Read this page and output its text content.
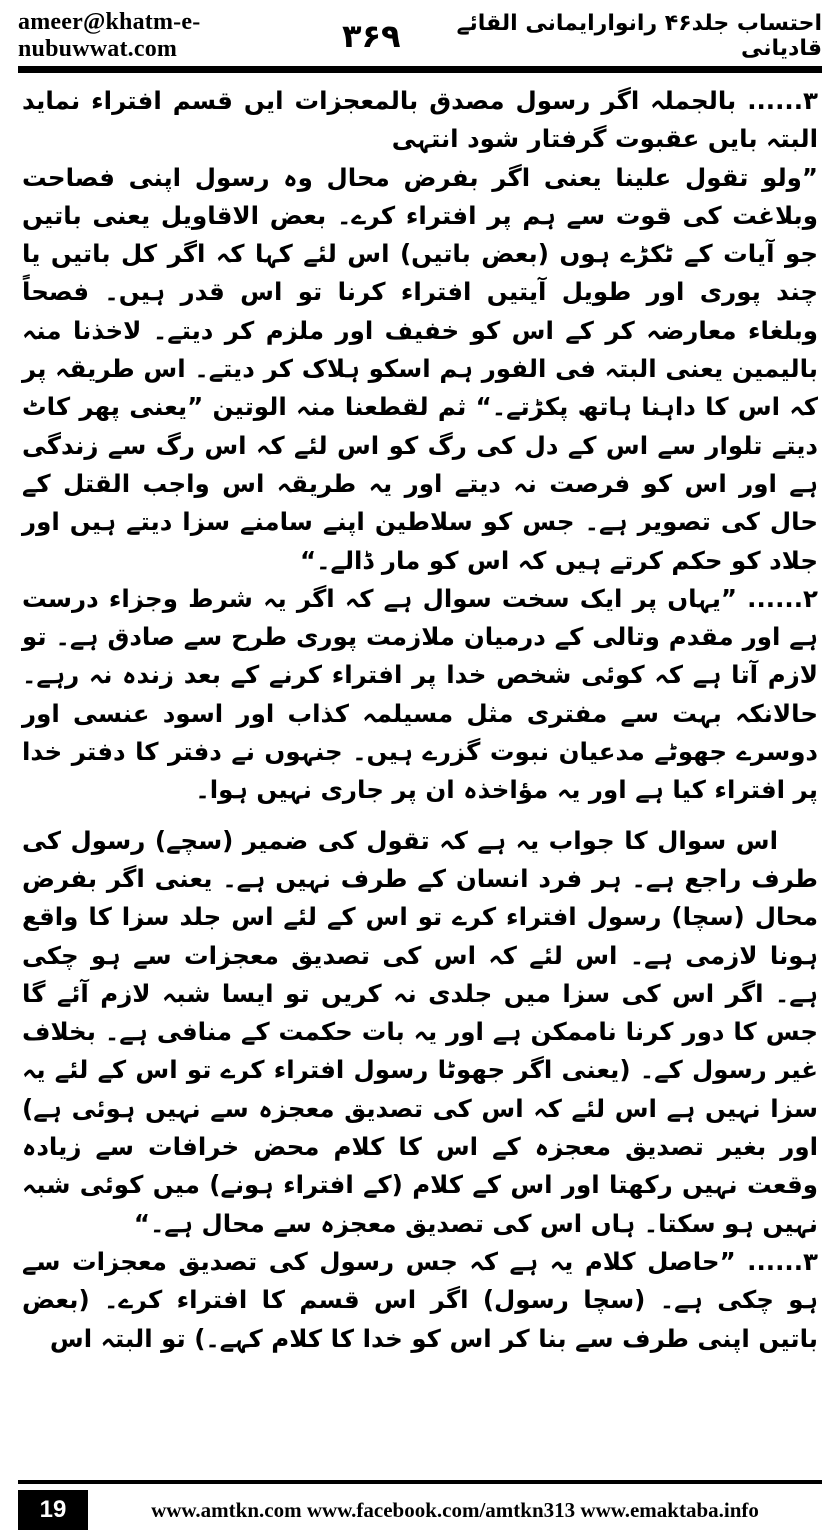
ameer@khatm-e-nubuwwat.com	۳۶۹	احتساب جلد۴۶ رانوارایمانی القائے قادیانی

۳...... بالجملہ اگر رسول مصدق بالمعجزات ایں قسم افتراء نماید البتہ بایں عقبوت گرفتار شود انتہی

”ولو تقول علینا یعنی اگر بفرض محال وہ رسول اپنی فصاحت وبلاغت کی قوت سے ہم پر افتراء کرے۔ بعض الاقاویل یعنی باتیں جو آیات کے ٹکڑے ہوں (بعض باتیں) اس لئے کہا کہ اگر کل باتیں یا چند پوری اور طویل آیتیں افتراء کرنا تو اس قدر ہیں۔ فصحاً وبلغاء معارضہ کر کے اس کو خفیف اور ملزم کر دیتے۔ لاخذنا منہ بالیمین یعنی البتہ فی الفور ہم اسکو ہلاک کر دیتے۔ اس طریقہ پر کہ اس کا داہنا ہاتھ پکڑتے۔“ ثم لقطعنا منہ الوتین ”یعنی پھر کاٹ دیتے تلوار سے اس کے دل کی رگ کو اس لئے کہ اس رگ سے زندگی ہے اور اس کو فرصت نہ دیتے اور یہ طریقہ اس واجب القتل کے حال کی تصویر ہے۔ جس کو سلاطین اپنے سامنے سزا دیتے ہیں اور جلاد کو حکم کرتے ہیں کہ اس کو مار ڈالے۔“

۲...... ”یہاں پر ایک سخت سوال ہے کہ اگر یہ شرط وجزاء درست ہے اور مقدم وتالی کے درمیان ملازمت پوری طرح سے صادق ہے۔ تو لازم آتا ہے کہ کوئی شخص خدا پر افتراء کرنے کے بعد زندہ نہ رہے۔ حالانکہ بہت سے مفتری مثل مسیلمہ کذاب اور اسود عنسی اور دوسرے جھوٹے مدعیان نبوت گزرے ہیں۔ جنہوں نے دفتر کا دفتر خدا پر افتراء کیا ہے اور یہ مؤاخذہ ان پر جاری نہیں ہوا۔

اس سوال کا جواب یہ ہے کہ تقول کی ضمیر (سچے) رسول کی طرف راجع ہے۔ ہر فرد انسان کے طرف نہیں ہے۔ یعنی اگر بفرض محال (سچا) رسول افتراء کرے تو اس کے لئے اس جلد سزا کا واقع ہونا لازمی ہے۔ اس لئے کہ اس کی تصدیق معجزات سے ہو چکی ہے۔ اگر اس کی سزا میں جلدی نہ کریں تو ایسا شبہ لازم آئے گا جس کا دور کرنا ناممکن ہے اور یہ بات حکمت کے منافی ہے۔ بخلاف غیر رسول کے۔ (یعنی اگر جھوٹا رسول افتراء کرے تو اس کے لئے یہ سزا نہیں ہے اس لئے کہ اس کی تصدیق معجزہ سے نہیں ہوئی ہے) اور بغیر تصدیق معجزہ کے اس کا کلام محض خرافات سے زیادہ وقعت نہیں رکھتا اور اس کے کلام (کے افتراء ہونے) میں کوئی شبہ نہیں ہو سکتا۔ ہاں اس کی تصدیق معجزہ سے محال ہے۔“

۳...... ”حاصل کلام یہ ہے کہ جس رسول کی تصدیق معجزات سے ہو چکی ہے۔ (سچا رسول) اگر اس قسم کا افتراء کرے۔ (بعض باتیں اپنی طرف سے بنا کر اس کو خدا کا کلام کہے۔) تو البتہ اس

19	www.amtkn.com www.facebook.com/amtkn313 www.emaktaba.info
